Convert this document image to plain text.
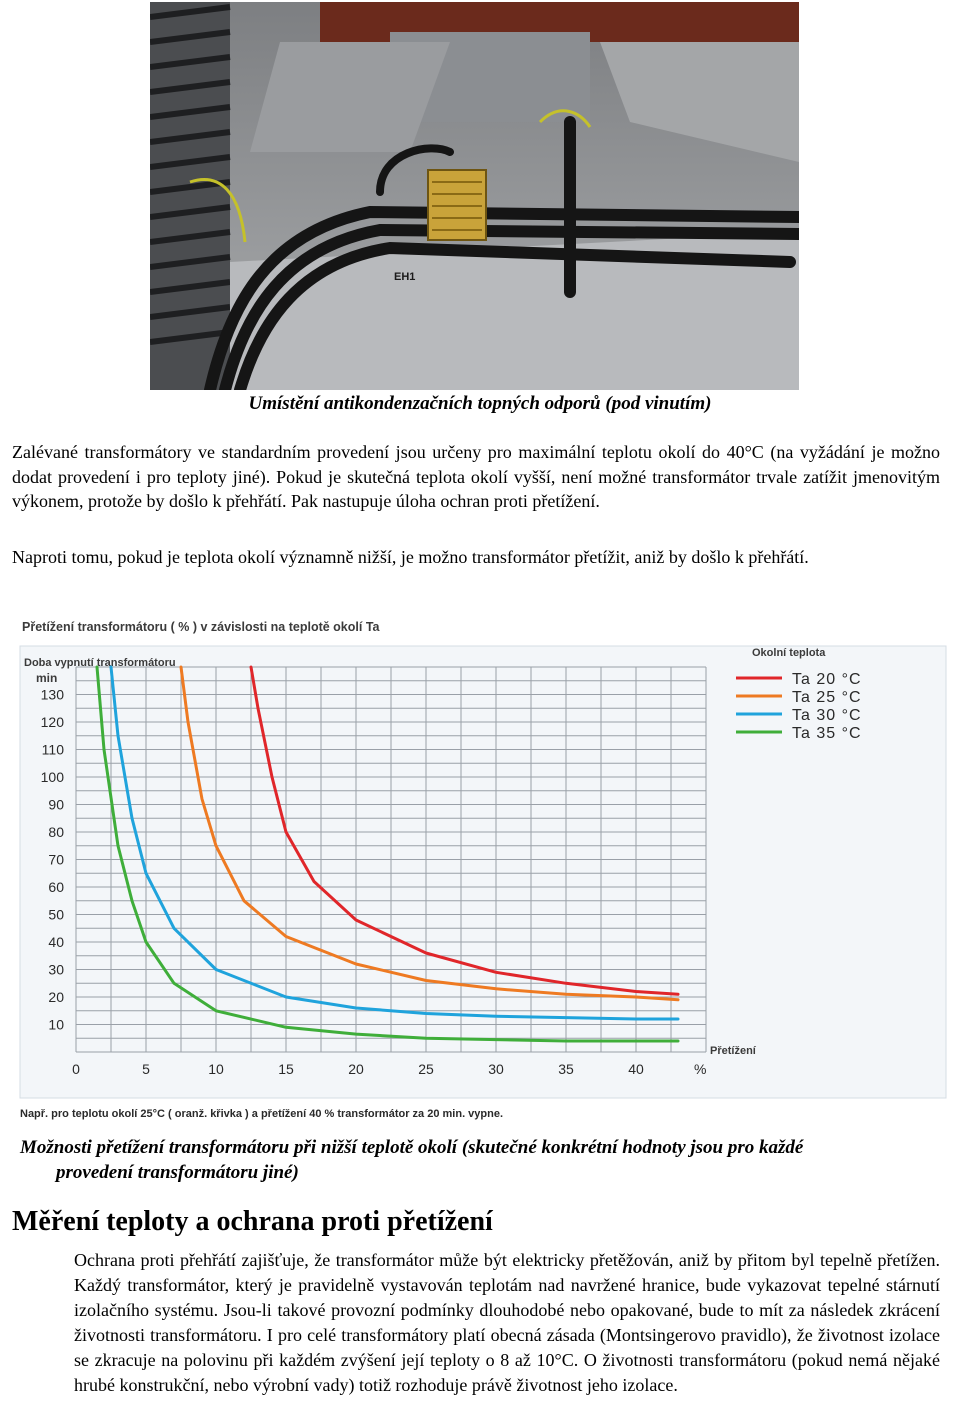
EH1
Umístění antikondenzačních topných odporů (pod vinutím)
Zalévané transformátory ve standardním provedení jsou určeny pro maximální teplotu okolí do 40°C (na vyžádání je možno dodat provedení i pro teploty jiné). Pokud je skutečná teplota okolí vyšší, není možné transformátor trvale zatížit jmenovitým výkonem, protože by došlo k přehřátí. Pak nastupuje úloha ochran proti přetížení.
Naproti tomu, pokud je teplota okolí významně nižší, je možno transformátor přetížit, aniž by došlo k přehřátí.
Přetížení transformátoru ( % ) v závislosti na teplotě okolí Ta
Doba vypnutí transformátoru
min
Okolní teplota
Přetížení
%
Např. pro teplotu okolí 25°C ( oranž. křivka ) a přetížení 40 % transformátor za 20 min. vypne.
10
20
30
40
50
60
70
80
90
100
110
120
130
0	5	10	15	20	25	30	35	40
Ta 20 °C
Ta 25 °C
Ta 30 °C
Ta 35 °C
Možnosti přetížení transformátoru při nižší teplotě okolí (skutečné konkrétní hodnoty jsou pro každé
provedení transformátoru jiné)
Měření teploty a ochrana proti přetížení
Ochrana proti přehřátí zajišťuje, že transformátor může být elektricky přetěžován, aniž by přitom byl tepelně přetížen. Každý transformátor, který je pravidelně vystavován teplotám nad navržené hranice, bude vykazovat tepelné stárnutí izolačního systému. Jsou-li takové provozní podmínky dlouhodobé nebo opakované, bude to mít za následek zkrácení životnosti transformátoru. I pro celé transformátory platí obecná zásada (Montsingerovo pravidlo), že životnost izolace se zkracuje na polovinu při každém zvýšení její teploty o 8 až 10°C. O životnosti transformátoru (pokud nemá nějaké hrubé konstrukční, nebo výrobní vady) totiž rozhoduje právě životnost jeho izolace.
